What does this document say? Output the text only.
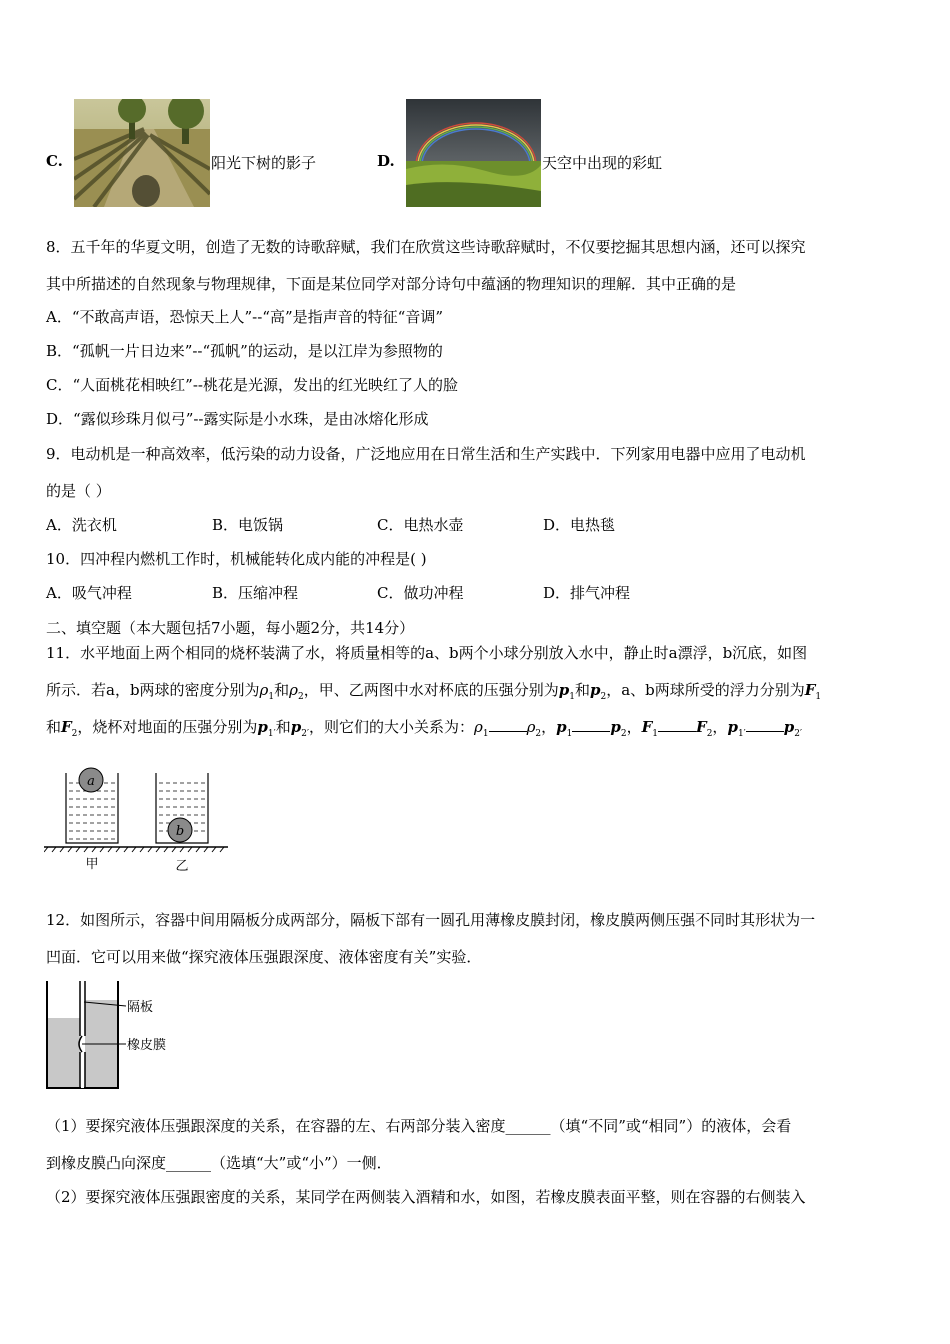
C.	阳光下树的影子	D.	天空中出现的彩虹
8．五千年的华夏文明，创造了无数的诗歌辞赋，我们在欣赏这些诗歌辞赋时，不仅要挖掘其思想内涵，还可以探究
其中所描述的自然现象与物理规律，下面是某位同学对部分诗句中蕴涵的物理知识的理解．其中正确的是
A．“不敢高声语，恐惊天上人”--“高”是指声音的特征“音调”
B．“孤帆一片日边来”--“孤帆”的运动，是以江岸为参照物的
C．“人面桃花相映红”--桃花是光源，发出的红光映红了人的脸
D．“露似珍珠月似弓”--露实际是小水珠，是由冰熔化形成
9．电动机是一种高效率，低污染的动力设备，广泛地应用在日常生活和生产实践中．下列家用电器中应用了电动机
的是（ ）
A．洗衣机	B．电饭锅	C．电热水壶	D．电热毯
10．四冲程内燃机工作时，机械能转化成内能的冲程是( )
A．吸气冲程	B．压缩冲程	C．做功冲程	D．排气冲程
二、填空题（本大题包括7小题，每小题2分，共14分）
11．水平地面上两个相同的烧杯装满了水，将质量相等的a、b两个小球分别放入水中，静止时a漂浮，b沉底，如图
所示．若a，b两球的密度分别为$\rho_1$和$\rho_2$，甲、乙两图中水对杯底的压强分别为$p_1$和$p_2$，a、b两球所受的浮力分别为$F_1$
和$F_2$，烧杯对地面的压强分别为$p_{1'}$和$p_{2'}$，则它们的大小关系为：$\rho_1$	$\rho_2$，$p_1$	$p_2$，$F_1$	$F_2$，$p_{1'}$	$p_{2'}$
a
b
甲	乙
12．如图所示，容器中间用隔板分成两部分，隔板下部有一圆孔用薄橡皮膜封闭，橡皮膜两侧压强不同时其形状为一
凹面．它可以用来做“探究液体压强跟深度、液体密度有关”实验．
隔板
橡皮膜
（1）要探究液体压强跟深度的关系，在容器的左、右两部分装入密度______（填“不同”或“相同”）的液体，会看
到橡皮膜凸向深度______（选填“大”或“小”）一侧．
（2）要探究液体压强跟密度的关系，某同学在两侧装入酒精和水，如图，若橡皮膜表面平整，则在容器的右侧装入
